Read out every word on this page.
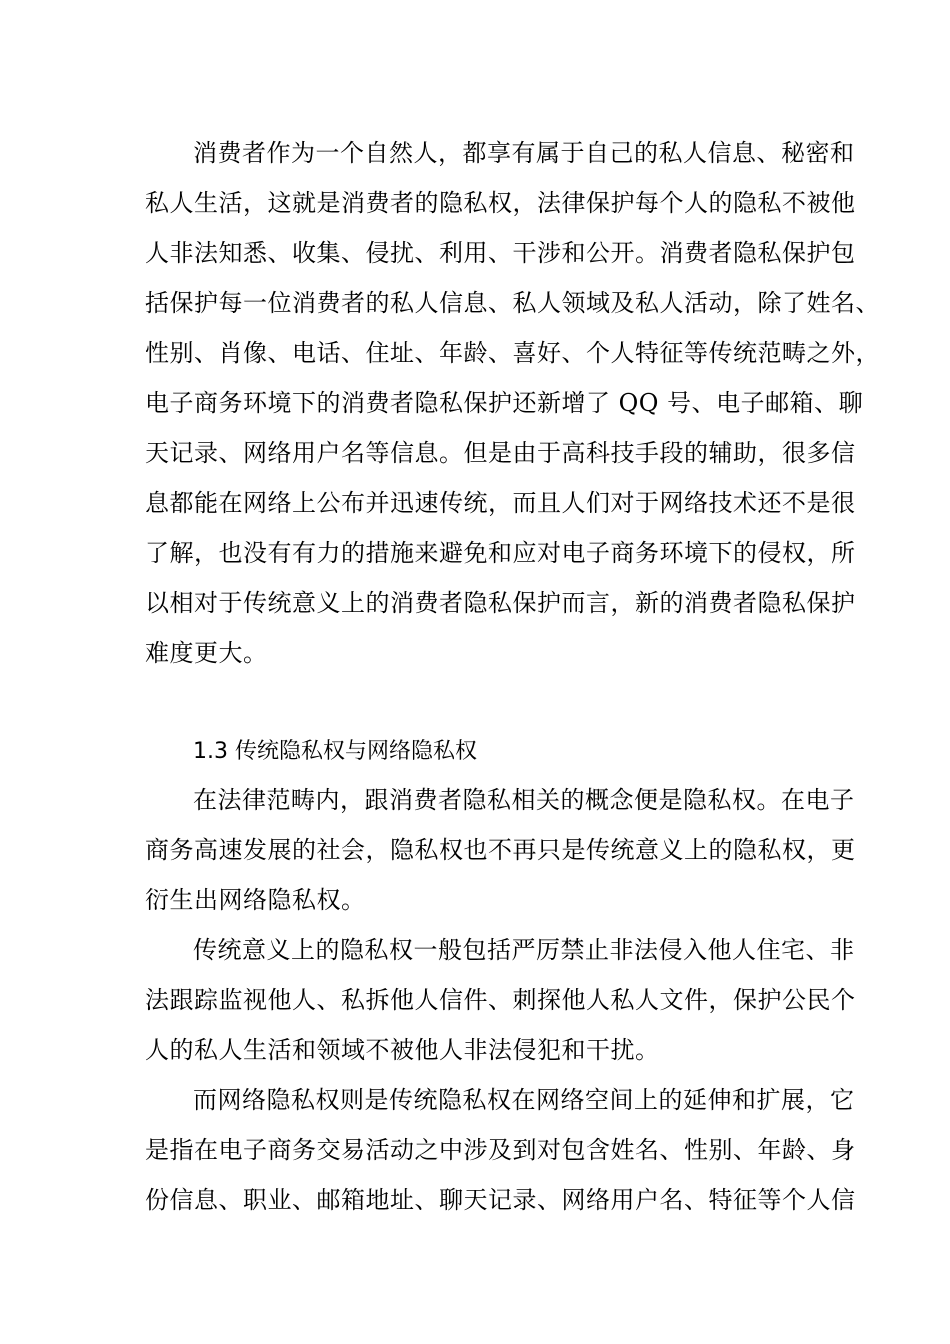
消费者作为一个自然人，都享有属于自己的私人信息、秘密和
私人生活，这就是消费者的隐私权，法律保护每个人的隐私不被他
人非法知悉、收集、侵扰、利用、干涉和公开。消费者隐私保护包
括保护每一位消费者的私人信息、私人领域及私人活动，除了姓名、
性别、肖像、电话、住址、年龄、喜好、个人特征等传统范畴之外，
电子商务环境下的消费者隐私保护还新增了 QQ 号、电子邮箱、聊
天记录、网络用户名等信息。但是由于高科技手段的辅助，很多信
息都能在网络上公布并迅速传统，而且人们对于网络技术还不是很
了解，也没有有力的措施来避免和应对电子商务环境下的侵权，所
以相对于传统意义上的消费者隐私保护而言，新的消费者隐私保护
难度更大。
1.3 传统隐私权与网络隐私权
在法律范畴内，跟消费者隐私相关的概念便是隐私权。在电子
商务高速发展的社会，隐私权也不再只是传统意义上的隐私权，更
衍生出网络隐私权。
传统意义上的隐私权一般包括严厉禁止非法侵入他人住宅、非
法跟踪监视他人、私拆他人信件、刺探他人私人文件，保护公民个
人的私人生活和领域不被他人非法侵犯和干扰。
而网络隐私权则是传统隐私权在网络空间上的延伸和扩展，它
是指在电子商务交易活动之中涉及到对包含姓名、性别、年龄、身
份信息、职业、邮箱地址、聊天记录、网络用户名、特征等个人信
